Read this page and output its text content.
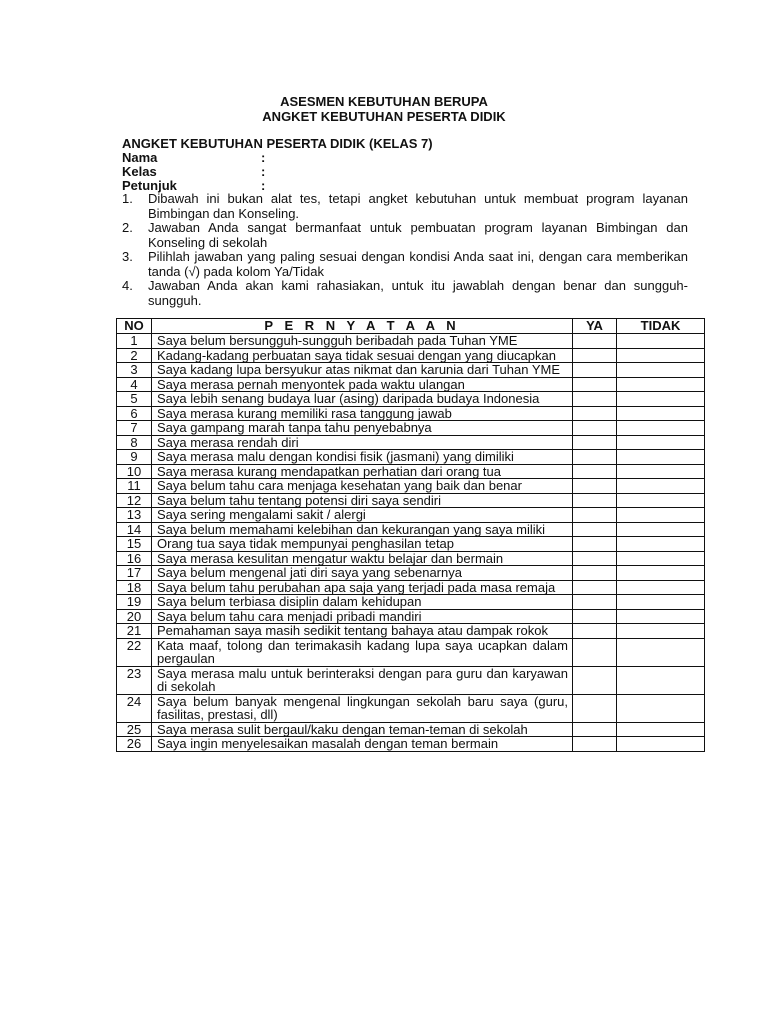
ASESMEN KEBUTUHAN BERUPA
ANGKET KEBUTUHAN PESERTA DIDIK
ANGKET KEBUTUHAN PESERTA DIDIK (KELAS 7)
Nama	:
Kelas	:
Petunjuk	:
1.	Dibawah ini bukan alat tes, tetapi angket kebutuhan untuk membuat program layanan Bimbingan dan Konseling.
2.	Jawaban Anda sangat bermanfaat untuk pembuatan program layanan Bimbingan dan Konseling di sekolah
3.	Pilihlah jawaban yang paling sesuai dengan kondisi Anda saat ini, dengan cara memberikan tanda (√) pada kolom Ya/Tidak
4.	Jawaban Anda akan kami rahasiakan, untuk itu jawablah dengan benar dan sungguh-sungguh.
NO	P E R N Y A T A A N	YA	TIDAK
1	Saya belum bersungguh-sungguh beribadah pada Tuhan YME		
2	Kadang-kadang perbuatan saya tidak sesuai dengan yang diucapkan		
3	Saya kadang lupa bersyukur atas nikmat dan karunia dari Tuhan YME		
4	Saya merasa pernah menyontek pada waktu ulangan		
5	Saya lebih senang budaya luar (asing) daripada budaya Indonesia		
6	Saya merasa kurang memiliki rasa tanggung jawab		
7	Saya gampang marah tanpa tahu penyebabnya		
8	Saya merasa rendah diri		
9	Saya merasa malu dengan kondisi fisik (jasmani) yang dimiliki		
10	Saya merasa kurang mendapatkan perhatian dari orang tua		
11	Saya belum tahu cara menjaga kesehatan yang baik dan benar		
12	Saya belum tahu tentang potensi diri saya sendiri		
13	Saya sering mengalami sakit / alergi		
14	Saya belum memahami kelebihan dan kekurangan yang saya miliki		
15	Orang tua saya tidak mempunyai penghasilan tetap		
16	Saya merasa kesulitan mengatur waktu belajar dan bermain		
17	Saya belum mengenal jati diri saya yang sebenarnya		
18	Saya belum tahu perubahan apa saja yang terjadi pada masa remaja		
19	Saya belum terbiasa disiplin dalam kehidupan		
20	Saya belum tahu cara menjadi pribadi mandiri		
21	Pemahaman saya masih sedikit tentang bahaya atau dampak rokok		
22	Kata maaf, tolong dan terimakasih kadang lupa saya ucapkan dalam pergaulan		
23	Saya merasa malu untuk berinteraksi dengan para guru dan karyawan di sekolah		
24	Saya belum banyak mengenal lingkungan sekolah baru saya (guru, fasilitas, prestasi, dll)		
25	Saya merasa sulit bergaul/kaku dengan teman-teman di sekolah		
26	Saya ingin menyelesaikan masalah dengan teman bermain		
